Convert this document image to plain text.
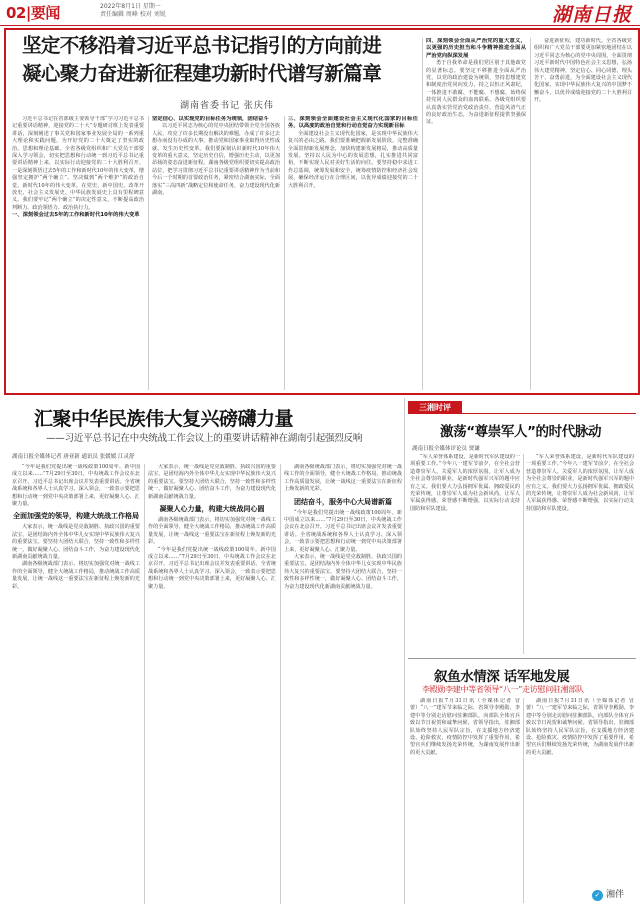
02|要闻	2022年8月1日 星期一
责任编辑 周峰 校对 刘锐	湖南日报
坚定不移沿着习近平总书记指引的方向前进
凝心聚力奋进新征程建功新时代谱写新篇章
湖南省委书记 张庆伟

习近平总书记在省部级主要领导干部“学习习近平总书记重要讲话精神，迎接党的二十大”专题研讨班上发表重要讲话，深刻阐述了事关党和国家事业发展全局的一系列重大理论和实践问题，为开好党的二十大奠定了坚实的政治、思想和理论基础。全省各级党组织和广大党员干部要深入学习领会，切实把思想和行动统一到习近平总书记重要讲话精神上来，以实际行动迎接党的二十大胜利召开。一是深刻领悟过去5年的工作和新时代10年的伟大变革，增强坚定拥护“两个确立”、坚决做到“两个维护”的政治自觉。新时代10年的伟大变革，在党史、新中国史、改革开放史、社会主义发展史、中华民族发展史上具有里程碑意义。我们要牢记“两个确立”的决定性意义，不断提高政治判断力、政治领悟力、政治执行力。

一、深刻领会过去5年的工作和新时代10年的伟大变革

坚定信心、以实现党的目标任务为统领，团结奋斗

以习近平同志为核心的党中央团结带领全党全国各族人民，攻克了许多长期没有解决的难题，办成了许多过去想办而没有办成的大事，推动党和国家事业取得历史性成就、发生历史性变革。我们要深刻认识新时代10年伟大变革的重大意义，坚定历史自信，增强历史主动，以更加昂扬的姿态奋进新征程。湖南各级党组织要切实提高政治站位，把学习贯彻习近平总书记重要讲话精神作为当前和今后一个时期的首要政治任务，紧密结合湖南实际，全面落实“三高四新”战略定位和使命任务，奋力建设现代化新湖南。

三、深刻领会全面建设社会主义现代化国家的目标任务，以高度的政治自觉和行动自觉奋力实现新目标

全面建设社会主义现代化国家，是实现中华民族伟大复兴的必由之路。我们要准确把握新发展阶段，完整准确全面贯彻新发展理念，加快构建新发展格局，推动高质量发展。坚持以人民为中心的发展思想，扎实推进共同富裕，不断实现人民对美好生活的向往。要坚持稳中求进工作总基调，统筹发展和安全，统筹疫情防控和经济社会发展，确保经济运行在合理区间，以优异成绩迎接党的二十大胜利召开。

四、深刻领会全面从严治党的重大意义，以更强的历史担当和斗争精神推进全面从严治党向纵深发展

勇于自我革命是我们党区别于其他政党的显著标志。要坚定不移推进全面从严治党，以党的政治建设为统领，坚持思想建党和制度治党同向发力，持之以恒正风肃纪，一体推进不敢腐、不能腐、不想腐，始终保持党同人民群众的血肉联系。各级党组织要认真落实管党治党政治责任，营造风清气正的良好政治生态，为奋进新征程提供坚强保证。

奋进新征程，建功新时代。全省各级党组织和广大党员干部要更加紧密地团结在以习近平同志为核心的党中央周围，全面贯彻习近平新时代中国特色社会主义思想，弘扬伟大建党精神，坚定信心、同心同德，埋头苦干、奋勇前进，为全面建设社会主义现代化国家、实现中华民族伟大复兴的中国梦不懈奋斗，以优异成绩迎接党的二十大胜利召开。

汇聚中华民族伟大复兴磅礴力量
——习近平总书记在中央统战工作会议上的重要讲话精神在湖南引起强烈反响
湖南日报全媒体记者 唐亚新 通讯员 张媛媛 江灵舒

“今年是我们党提出统一战线政策100周年。新中国成立以来……”7月29日至30日，中央统战工作会议在北京召开。习近平总书记出席会议并发表重要讲话。全省统战系统和各界人士认真学习、深入领会，一致表示要把思想和行动统一到党中央决策部署上来，更好凝聚人心、汇聚力量。

全面加强党的领导，构建大统战工作格局

大家表示，统一战线是党克敌制胜、执政兴国的重要法宝，是团结海内外全体中华儿女实现中华民族伟大复兴的重要法宝。要坚持大团结大联合，坚持一致性和多样性统一，做好凝聚人心、团结奋斗工作，为奋力建设现代化新湖南贡献统战力量。

湖南各级统战部门表示，将切实加强党对统一战线工作的全面领导，健全大统战工作格局，推动统战工作高质量发展，让统一战线这一重要法宝在新征程上焕发新的光彩。

大家表示，统一战线是党克敌制胜、执政兴国的重要法宝，是团结海内外全体中华儿女实现中华民族伟大复兴的重要法宝。要坚持大团结大联合，坚持一致性和多样性统一，做好凝聚人心、团结奋斗工作，为奋力建设现代化新湖南贡献统战力量。

凝聚人心力量，构建大统战同心圆

湖南各级统战部门表示，将切实加强党对统一战线工作的全面领导，健全大统战工作格局，推动统战工作高质量发展，让统一战线这一重要法宝在新征程上焕发新的光彩。

“今年是我们党提出统一战线政策100周年。新中国成立以来……”7月29日至30日，中央统战工作会议在北京召开。习近平总书记出席会议并发表重要讲话。全省统战系统和各界人士认真学习、深入领会，一致表示要把思想和行动统一到党中央决策部署上来，更好凝聚人心、汇聚力量。

湖南各级统战部门表示，将切实加强党对统一战线工作的全面领导，健全大统战工作格局，推动统战工作高质量发展，让统一战线这一重要法宝在新征程上焕发新的光彩。

团结奋斗，服务中心大局谱新篇

“今年是我们党提出统一战线政策100周年。新中国成立以来……”7月29日至30日，中央统战工作会议在北京召开。习近平总书记出席会议并发表重要讲话。全省统战系统和各界人士认真学习、深入领会，一致表示要把思想和行动统一到党中央决策部署上来，更好凝聚人心、汇聚力量。

大家表示，统一战线是党克敌制胜、执政兴国的重要法宝，是团结海内外全体中华儿女实现中华民族伟大复兴的重要法宝。要坚持大团结大联合，坚持一致性和多样性统一，做好凝聚人心、团结奋斗工作，为奋力建设现代化新湖南贡献统战力量。

三湘时评
激荡“尊崇军人”的时代脉动
湖南日报全媒体评论员 贾谦

“军人荣誉体系建设，是新时代军队建设的一项重要工作。”今年八一建军节前夕，在全社会营造尊崇军人、关爱军人的浓厚氛围。让军人成为全社会尊崇的职业，是新时代强军兴军的题中应有之义。我们要大力弘扬拥军优属、拥政爱民的光荣传统，让尊崇军人成为社会新风尚，让军人军属获得感、荣誉感不断增强，以实际行动支持国防和军队建设。

“军人荣誉体系建设，是新时代军队建设的一项重要工作。”今年八一建军节前夕，在全社会营造尊崇军人、关爱军人的浓厚氛围。让军人成为全社会尊崇的职业，是新时代强军兴军的题中应有之义。我们要大力弘扬拥军优属、拥政爱民的光荣传统，让尊崇军人成为社会新风尚，让军人军属获得感、荣誉感不断增强，以实际行动支持国防和军队建设。

叙鱼水情深 话军地发展
李殿勋李建中等省领导“八一”走访慰问驻湘部队

湖南日报7月31日讯（全媒体记者 冒蕾）“八一”建军节来临之际，省领导李殿勋、李建中等分别走访慰问驻湘部队，向部队全体官兵致以节日祝贺和诚挚问候。省领导指出，驻湘部队始终坚持人民军队宗旨，在支援地方经济建设、抢险救灾、疫情防控中发挥了重要作用，希望官兵们继续发扬光荣传统，为湖南发展作出新的更大贡献。

湖南日报7月31日讯（全媒体记者 冒蕾）“八一”建军节来临之际，省领导李殿勋、李建中等分别走访慰问驻湘部队，向部队全体官兵致以节日祝贺和诚挚问候。省领导指出，驻湘部队始终坚持人民军队宗旨，在支援地方经济建设、抢险救灾、疫情防控中发挥了重要作用，希望官兵们继续发扬光荣传统，为湖南发展作出新的更大贡献。

✓ 湘伴
